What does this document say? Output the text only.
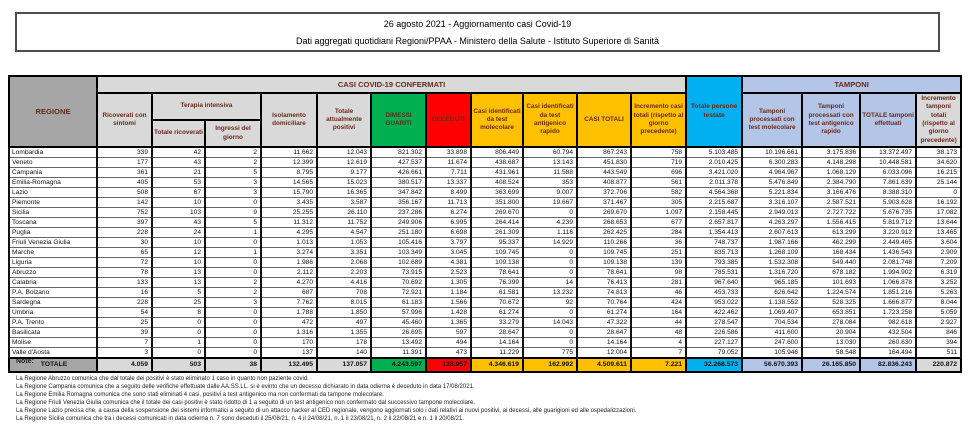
26 agosto 2021 - Aggiornamento casi Covid-19
Dati aggregati quotidiani Regioni/PPAA - Ministero della Salute - Istituto Superiore di Sanità
REGIONE	CASI COVID-19 CONFERMATI											Totale persone testate	TAMPONI			
	Ricoverati con sintomi	Terapia intensiva		Isolamento domiciliare	Totale attualmente positivi	DIMESSI GUARITI	DECEDUTI	Casi identificati da test molecolare	Casi identificati da test antigenico rapido	CASI TOTALI	Incremento casi totali (rispetto al giorno precedente)		Tamponi processati con test molecolare	Tamponi processati con test antigenico rapido	TOTALE tamponi effettuati	Incremento tamponi totali (rispetto al giorno precedente)
		Totale ricoverati	Ingressi del giorno													
Lombardia	339	42	2	11.662	12.043	821.302	33.898	806.449	60.794	867.243	758	5.103.485	10.196.661	3.175.836	13.372.497	38.173
Veneto	177	43	2	12.399	12.619	427.537	11.674	438.687	13.143	451.830	719	2.010.425	6.300.283	4.148.298	10.448.581	34.620
Campania	361	21	5	8.795	9.177	426.661	7.711	431.961	11.588	443.549	696	3.421.020	4.964.967	1.068.129	6.033.096	16.215
Emilia-Romagna	405	53	3	14.565	15.023	380.517	13.337	408.524	353	408.877	561	2.011.378	5.476.849	2.384.790	7.861.639	25.144
Lazio	508	67	3	15.790	16.365	347.842	8.499	363.699	9.007	372.706	582	4.564.368	5.221.834	3.166.476	8.388.310	0
Piemonte	142	10	0	3.435	3.587	356.167	11.713	351.800	19.667	371.467	305	2.215.687	3.316.107	2.587.521	5.903.628	16.192
Sicilia	752	103	9	25.255	26.110	237.286	6.274	269.670	0	269.670	1.097	2.158.445	2.949.013	2.727.722	5.676.735	17.082
Toscana	397	43	5	11.312	11.752	249.906	6.995	264.414	4.239	268.653	677	2.657.817	4.263.297	1.556.415	5.819.712	13.644
Puglia	228	24	1	4.295	4.547	251.180	6.698	261.309	1.116	262.425	284	1.354.413	2.607.613	613.299	3.220.912	13.465
Friuli Venezia Giulia	30	10	0	1.013	1.053	105.416	3.797	95.337	14.929	110.266	36	748.737	1.987.166	462.299	2.449.465	3.604
Marche	65	12	1	3.274	3.351	103.349	3.045	109.745	0	109.745	251	835.713	1.268.109	168.434	1.436.543	2.909
Liguria	72	10	0	1.986	2.068	102.689	4.381	109.138	0	109.138	139	793.385	1.532.308	549.440	2.081.748	7.209
Abruzzo	78	13	0	2.112	2.203	73.915	2.523	78.641	0	78.641	98	785.531	1.316.720	678.182	1.994.902	6.319
Calabria	133	13	2	4.270	4.416	70.692	1.305	76.399	14	76.413	281	967.640	965.185	101.693	1.066.878	3.252
P.A. Bolzano	16	5	2	687	708	72.921	1.184	61.581	13.232	74.813	46	453.733	626.642	1.224.574	1.851.216	5.263
Sardegna	228	25	3	7.762	8.015	61.183	1.566	70.672	92	70.764	424	953.022	1.138.552	528.325	1.666.877	8.044
Umbria	54	8	0	1.788	1.850	57.996	1.428	61.274	0	61.274	164	422.462	1.069.407	653.851	1.723.258	5.059
P.A. Trento	25	0	0	472	497	45.460	1.365	33.279	14.043	47.322	44	278.547	704.534	278.084	982.618	2.927
Basilicata	39	0	0	1.316	1.355	26.695	597	28.647	0	28.647	48	226.586	411.600	20.904	432.504	846
Molise	7	1	0	170	178	13.492	494	14.164	0	14.164	4	227.127	247.600	13.030	260.630	394
Valle d'Aosta	3	0	0	137	140	11.391	473	11.229	775	12.004	7	79.052	105.946	58.548	164.494	511
TOTALE	4.059	503	38	132.495	137.057	4.243.597	128.957	4.346.619	162.992	4.509.611	7.221	32.268.573	56.670.393	26.165.850	82.836.243	220.872
Note:
La Regione Abruzzo comunica che dal totale dei positivi è stato eliminato 1 caso in quanto non paziente covid.
La Regione Campania comunica che a seguito delle verifiche effettuate dalle AA.SS.LL. si è evinto che un decesso dichiarato in data odierna è deceduto in data 17/08/2021.
La Regione Emilia Romagna comunica che sono stati eliminati 4 casi, positivi a test antigenico ma non confermati da tampone molecolare.
La Regione Friuli Venezia Giulia comunica che il totale dei casi positivi è stato ridotto di 1 a seguito di un test antigenico non confermato dal successivo tampone molecolare.
La Regione Lazio precisa che, a causa della sospensione dei sistemi informatici a seguito di un attacco hacker al CED regionale, vengono aggiornati solo i dati relativi ai nuovi positivi, ai decessi, alle guarigioni ed alle ospedalizzazioni.
La Regione Sicilia comunica che tra i decessi comunicati in data odierna n. 7 sono deceduti il 25/08/21, n. 4 il 24/08/21, n. 1 il 23/08/21, n. 2 il 22/08/21 e n. 1 il 20/08/21.
